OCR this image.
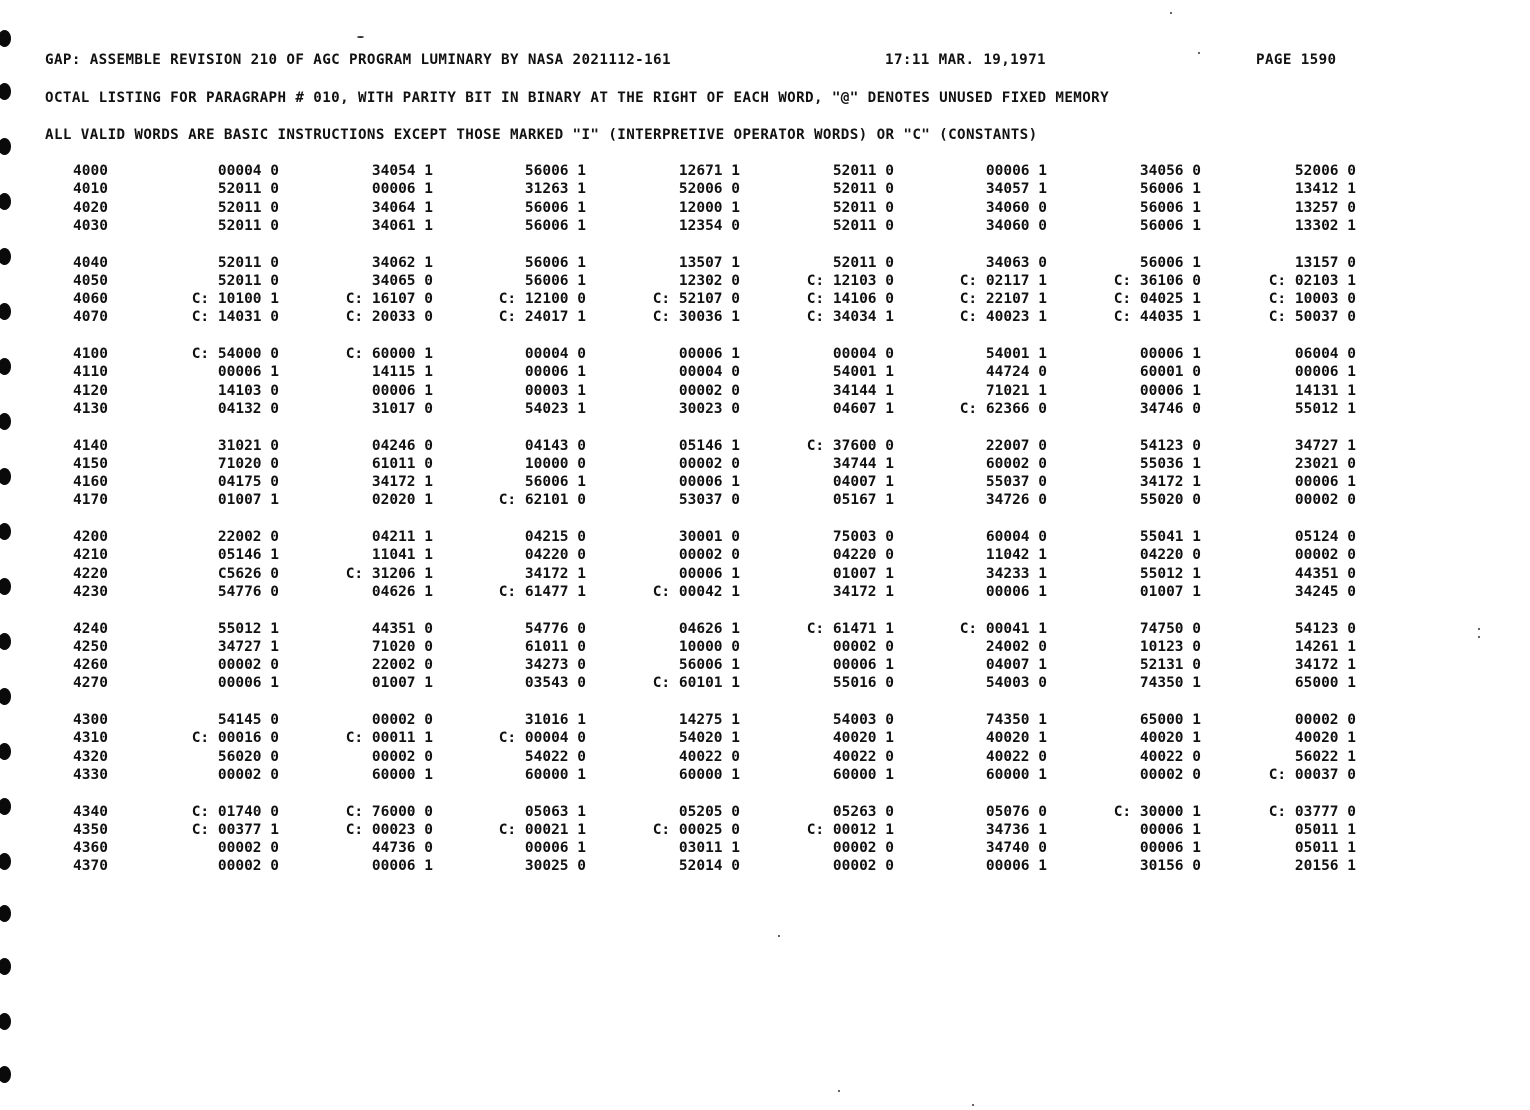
GAP: ASSEMBLE REVISION 210 OF AGC PROGRAM LUMINARY BY NASA 2021112-161	17:11 MAR. 19,1971	PAGE 1590
OCTAL LISTING FOR PARAGRAPH # 010, WITH PARITY BIT IN BINARY AT THE RIGHT OF EACH WORD, "@" DENOTES UNUSED FIXED MEMORY
ALL VALID WORDS ARE BASIC INSTRUCTIONS EXCEPT THOSE MARKED "I" (INTERPRETIVE OPERATOR WORDS) OR "C" (CONSTANTS)
4000	00004 0	34054 1	56006 1	12671 1	52011 0	00006 1	34056 0	52006 0
4010	52011 0	00006 1	31263 1	52006 0	52011 0	34057 1	56006 1	13412 1
4020	52011 0	34064 1	56006 1	12000 1	52011 0	34060 0	56006 1	13257 0
4030	52011 0	34061 1	56006 1	12354 0	52011 0	34060 0	56006 1	13302 1
4040	52011 0	34062 1	56006 1	13507 1	52011 0	34063 0	56006 1	13157 0
4050	52011 0	34065 0	56006 1	12302 0	C: 12103 0	C: 02117 1	C: 36106 0	C: 02103 1
4060	C: 10100 1	C: 16107 0	C: 12100 0	C: 52107 0	C: 14106 0	C: 22107 1	C: 04025 1	C: 10003 0
4070	C: 14031 0	C: 20033 0	C: 24017 1	C: 30036 1	C: 34034 1	C: 40023 1	C: 44035 1	C: 50037 0
4100	C: 54000 0	C: 60000 1	00004 0	00006 1	00004 0	54001 1	00006 1	06004 0
4110	00006 1	14115 1	00006 1	00004 0	54001 1	44724 0	60001 0	00006 1
4120	14103 0	00006 1	00003 1	00002 0	34144 1	71021 1	00006 1	14131 1
4130	04132 0	31017 0	54023 1	30023 0	04607 1	C: 62366 0	34746 0	55012 1
4140	31021 0	04246 0	04143 0	05146 1	C: 37600 0	22007 0	54123 0	34727 1
4150	71020 0	61011 0	10000 0	00002 0	34744 1	60002 0	55036 1	23021 0
4160	04175 0	34172 1	56006 1	00006 1	04007 1	55037 0	34172 1	00006 1
4170	01007 1	02020 1	C: 62101 0	53037 0	05167 1	34726 0	55020 0	00002 0
4200	22002 0	04211 1	04215 0	30001 0	75003 0	60004 0	55041 1	05124 0
4210	05146 1	11041 1	04220 0	00002 0	04220 0	11042 1	04220 0	00002 0
4220	C5626 0	C: 31206 1	34172 1	00006 1	01007 1	34233 1	55012 1	44351 0
4230	54776 0	04626 1	C: 61477 1	C: 00042 1	34172 1	00006 1	01007 1	34245 0
4240	55012 1	44351 0	54776 0	04626 1	C: 61471 1	C: 00041 1	74750 0	54123 0
4250	34727 1	71020 0	61011 0	10000 0	00002 0	24002 0	10123 0	14261 1
4260	00002 0	22002 0	34273 0	56006 1	00006 1	04007 1	52131 0	34172 1
4270	00006 1	01007 1	03543 0	C: 60101 1	55016 0	54003 0	74350 1	65000 1
4300	54145 0	00002 0	31016 1	14275 1	54003 0	74350 1	65000 1	00002 0
4310	C: 00016 0	C: 00011 1	C: 00004 0	54020 1	40020 1	40020 1	40020 1	40020 1
4320	56020 0	00002 0	54022 0	40022 0	40022 0	40022 0	40022 0	56022 1
4330	00002 0	60000 1	60000 1	60000 1	60000 1	60000 1	00002 0	C: 00037 0
4340	C: 01740 0	C: 76000 0	05063 1	05205 0	05263 0	05076 0	C: 30000 1	C: 03777 0
4350	C: 00377 1	C: 00023 0	C: 00021 1	C: 00025 0	C: 00012 1	34736 1	00006 1	05011 1
4360	00002 0	44736 0	00006 1	03011 1	00002 0	34740 0	00006 1	05011 1
4370	00002 0	00006 1	30025 0	52014 0	00002 0	00006 1	30156 0	20156 1
